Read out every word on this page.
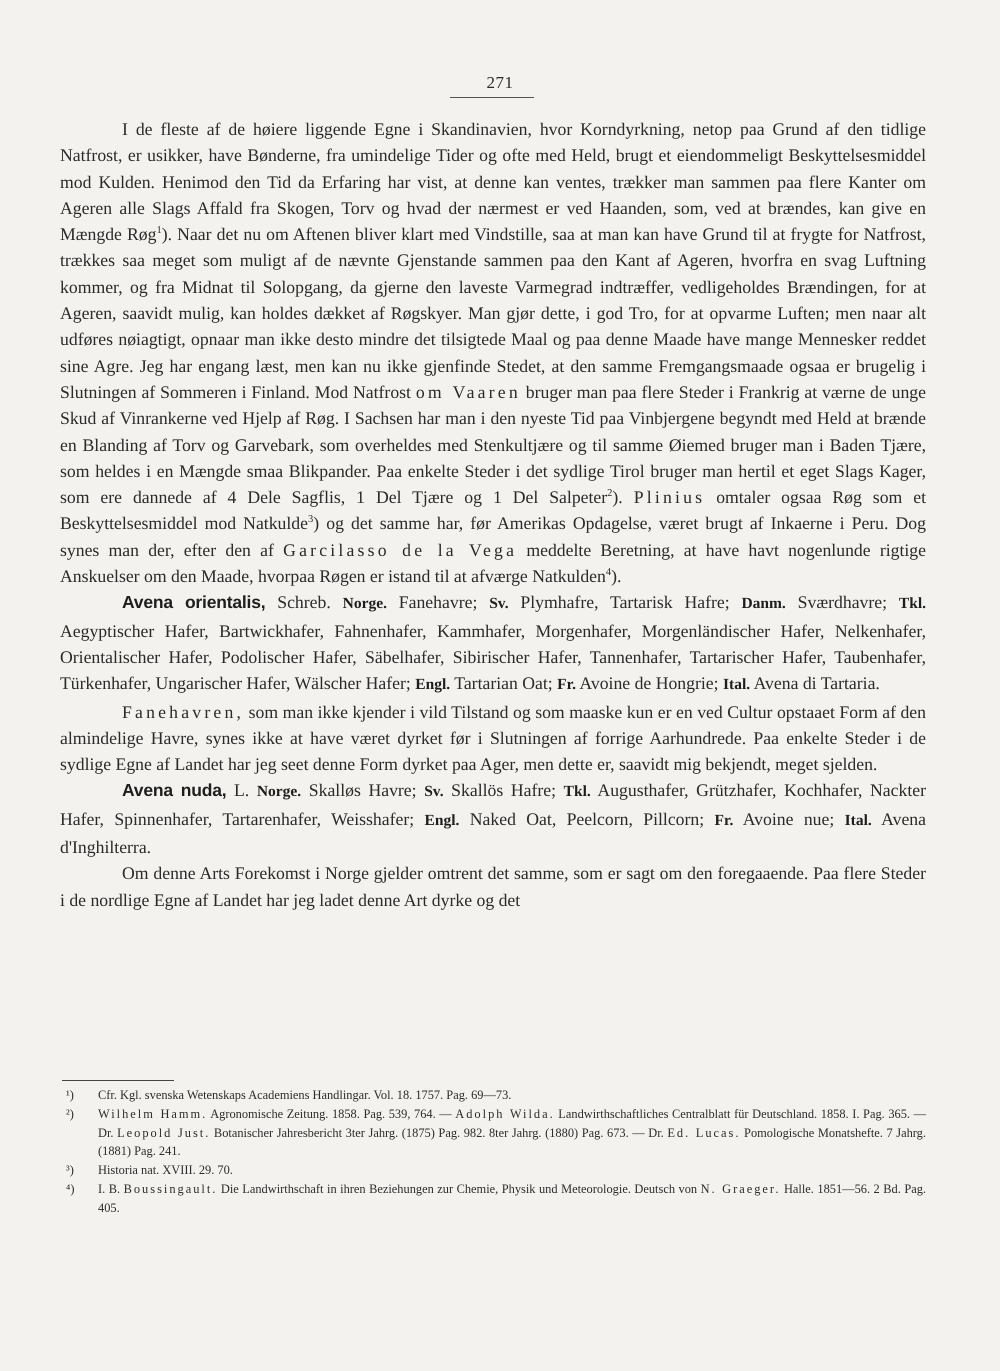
271

I de fleste af de høiere liggende Egne i Skandinavien, hvor Korndyrkning, netop paa Grund af den tidlige Natfrost, er usikker, have Bønderne, fra umindelige Tider og ofte med Held, brugt et eiendommeligt Beskyttelsesmiddel mod Kulden. Henimod den Tid da Erfaring har vist, at denne kan ventes, trækker man sammen paa flere Kanter om Ageren alle Slags Affald fra Skogen, Torv og hvad der nærmest er ved Haanden, som, ved at brændes, kan give en Mængde Røg$^1$). Naar det nu om Aftenen bliver klart med Vindstille, saa at man kan have Grund til at frygte for Natfrost, trækkes saa meget som muligt af de nævnte Gjenstande sammen paa den Kant af Ageren, hvorfra en svag Luftning kommer, og fra Midnat til Solopgang, da gjerne den laveste Varmegrad indtræffer, vedligeholdes Brændingen, for at Ageren, saavidt mulig, kan holdes dækket af Røgskyer. Man gjør dette, i god Tro, for at opvarme Luften; men naar alt udføres nøiagtigt, opnaar man ikke desto mindre det tilsigtede Maal og paa denne Maade have mange Mennesker reddet sine Agre. Jeg har engang læst, men kan nu ikke gjenfinde Stedet, at den samme Fremgangsmaade ogsaa er brugelig i Slutningen af Sommeren i Finland. Mod Natfrost om Vaaren bruger man paa flere Steder i Frankrig at værne de unge Skud af Vinrankerne ved Hjelp af Røg. I Sachsen har man i den nyeste Tid paa Vinbjergene begyndt med Held at brænde en Blanding af Torv og Garvebark, som overheldes med Stenkultjære og til samme Øiemed bruger man i Baden Tjære, som heldes i en Mængde smaa Blikpander. Paa enkelte Steder i det sydlige Tirol bruger man hertil et eget Slags Kager, som ere dannede af 4 Dele Sagflis, 1 Del Tjære og 1 Del Salpeter$^2$). Plinius omtaler ogsaa Røg som et Beskyttelsesmiddel mod Natkulde$^3$) og det samme har, før Amerikas Opdagelse, været brugt af Inkaerne i Peru. Dog synes man der, efter den af Garcilasso de la Vega meddelte Beretning, at have havt nogenlunde rigtige Anskuelser om den Maade, hvorpaa Røgen er istand til at afværge Natkulden$^4$).

Avena orientalis, Schreb. Norge. Fanehavre; Sv. Plymhafre, Tartarisk Hafre; Danm. Sværdhavre; Tkl. Aegyptischer Hafer, Bartwickhafer, Fahnenhafer, Kammhafer, Morgenhafer, Morgenländischer Hafer, Nelkenhafer, Orientalischer Hafer, Podolischer Hafer, Säbelhafer, Sibirischer Hafer, Tannenhafer, Tartarischer Hafer, Taubenhafer, Türkenhafer, Ungarischer Hafer, Wälscher Hafer; Engl. Tartarian Oat; Fr. Avoine de Hongrie; Ital. Avena di Tartaria.

Fanehavren, som man ikke kjender i vild Tilstand og som maaske kun er en ved Cultur opstaaet Form af den almindelige Havre, synes ikke at have været dyrket før i Slutningen af forrige Aarhundrede. Paa enkelte Steder i de sydlige Egne af Landet har jeg seet denne Form dyrket paa Ager, men dette er, saavidt mig bekjendt, meget sjelden.

Avena nuda, L. Norge. Skalløs Havre; Sv. Skallös Hafre; Tkl. Augusthafer, Grützhafer, Kochhafer, Nackter Hafer, Spinnenhafer, Tartarenhafer, Weisshafer; Engl. Naked Oat, Peelcorn, Pillcorn; Fr. Avoine nue; Ital. Avena d'Inghilterra.

Om denne Arts Forekomst i Norge gjelder omtrent det samme, som er sagt om den foregaaende. Paa flere Steder i de nordlige Egne af Landet har jeg ladet denne Art dyrke og det

¹)	Cfr. Kgl. svenska Wetenskaps Academiens Handlingar. Vol. 18. 1757. Pag. 69—73.
²)	Wilhelm Hamm. Agronomische Zeitung. 1858. Pag. 539, 764. — Adolph Wilda. Landwirthschaftliches Centralblatt für Deutschland. 1858. I. Pag. 365. — Dr. Leopold Just. Botanischer Jahresbericht 3ter Jahrg. (1875) Pag. 982. 8ter Jahrg. (1880) Pag. 673. — Dr. Ed. Lucas. Pomologische Monatshefte. 7 Jahrg. (1881) Pag. 241.
³)	Historia nat. XVIII. 29. 70.
⁴)	I. B. Boussingault. Die Landwirthschaft in ihren Beziehungen zur Chemie, Physik und Meteorologie. Deutsch von N. Graeger. Halle. 1851—56. 2 Bd. Pag. 405.
